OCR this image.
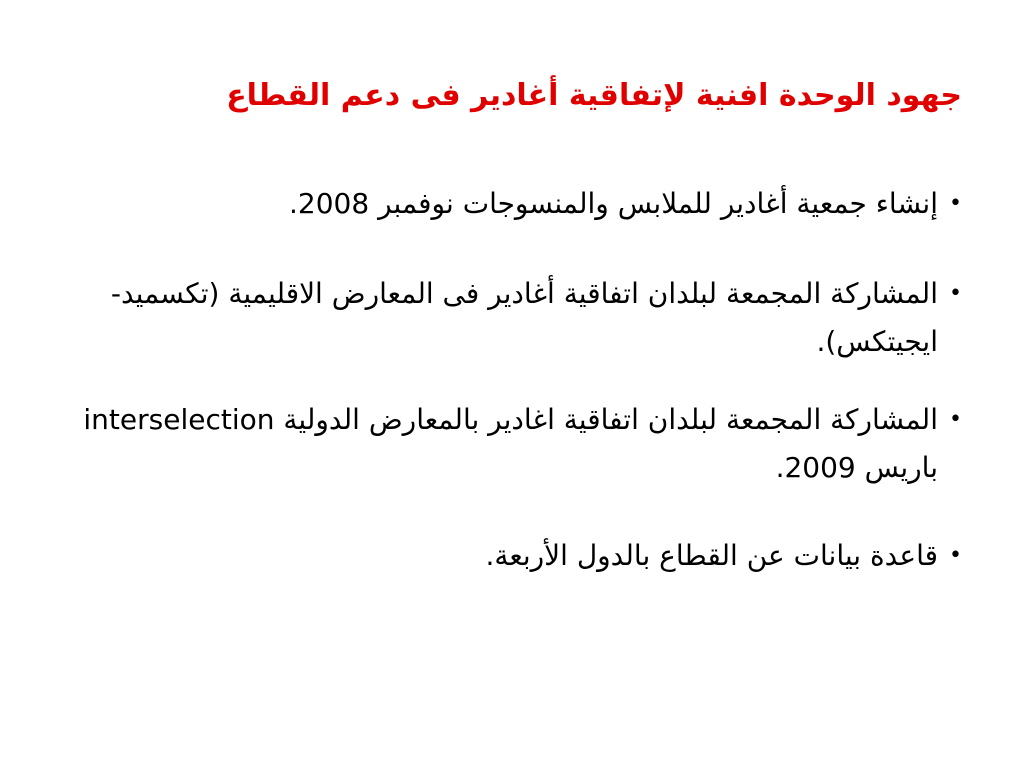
جهود الوحدة افنية لإتفاقية أغادير فى دعم القطاع
•
إنشاء جمعية أغادير للملابس والمنسوجات نوفمبر 2008.
•
المشاركة المجمعة لبلدان اتفاقية أغادير فى المعارض الاقليمية (تكسميد- ايجيتكس).
•
المشاركة المجمعة لبلدان اتفاقية اغادير بالمعارض الدولية interselection باريس 2009.
•
قاعدة بيانات عن القطاع بالدول الأربعة.
